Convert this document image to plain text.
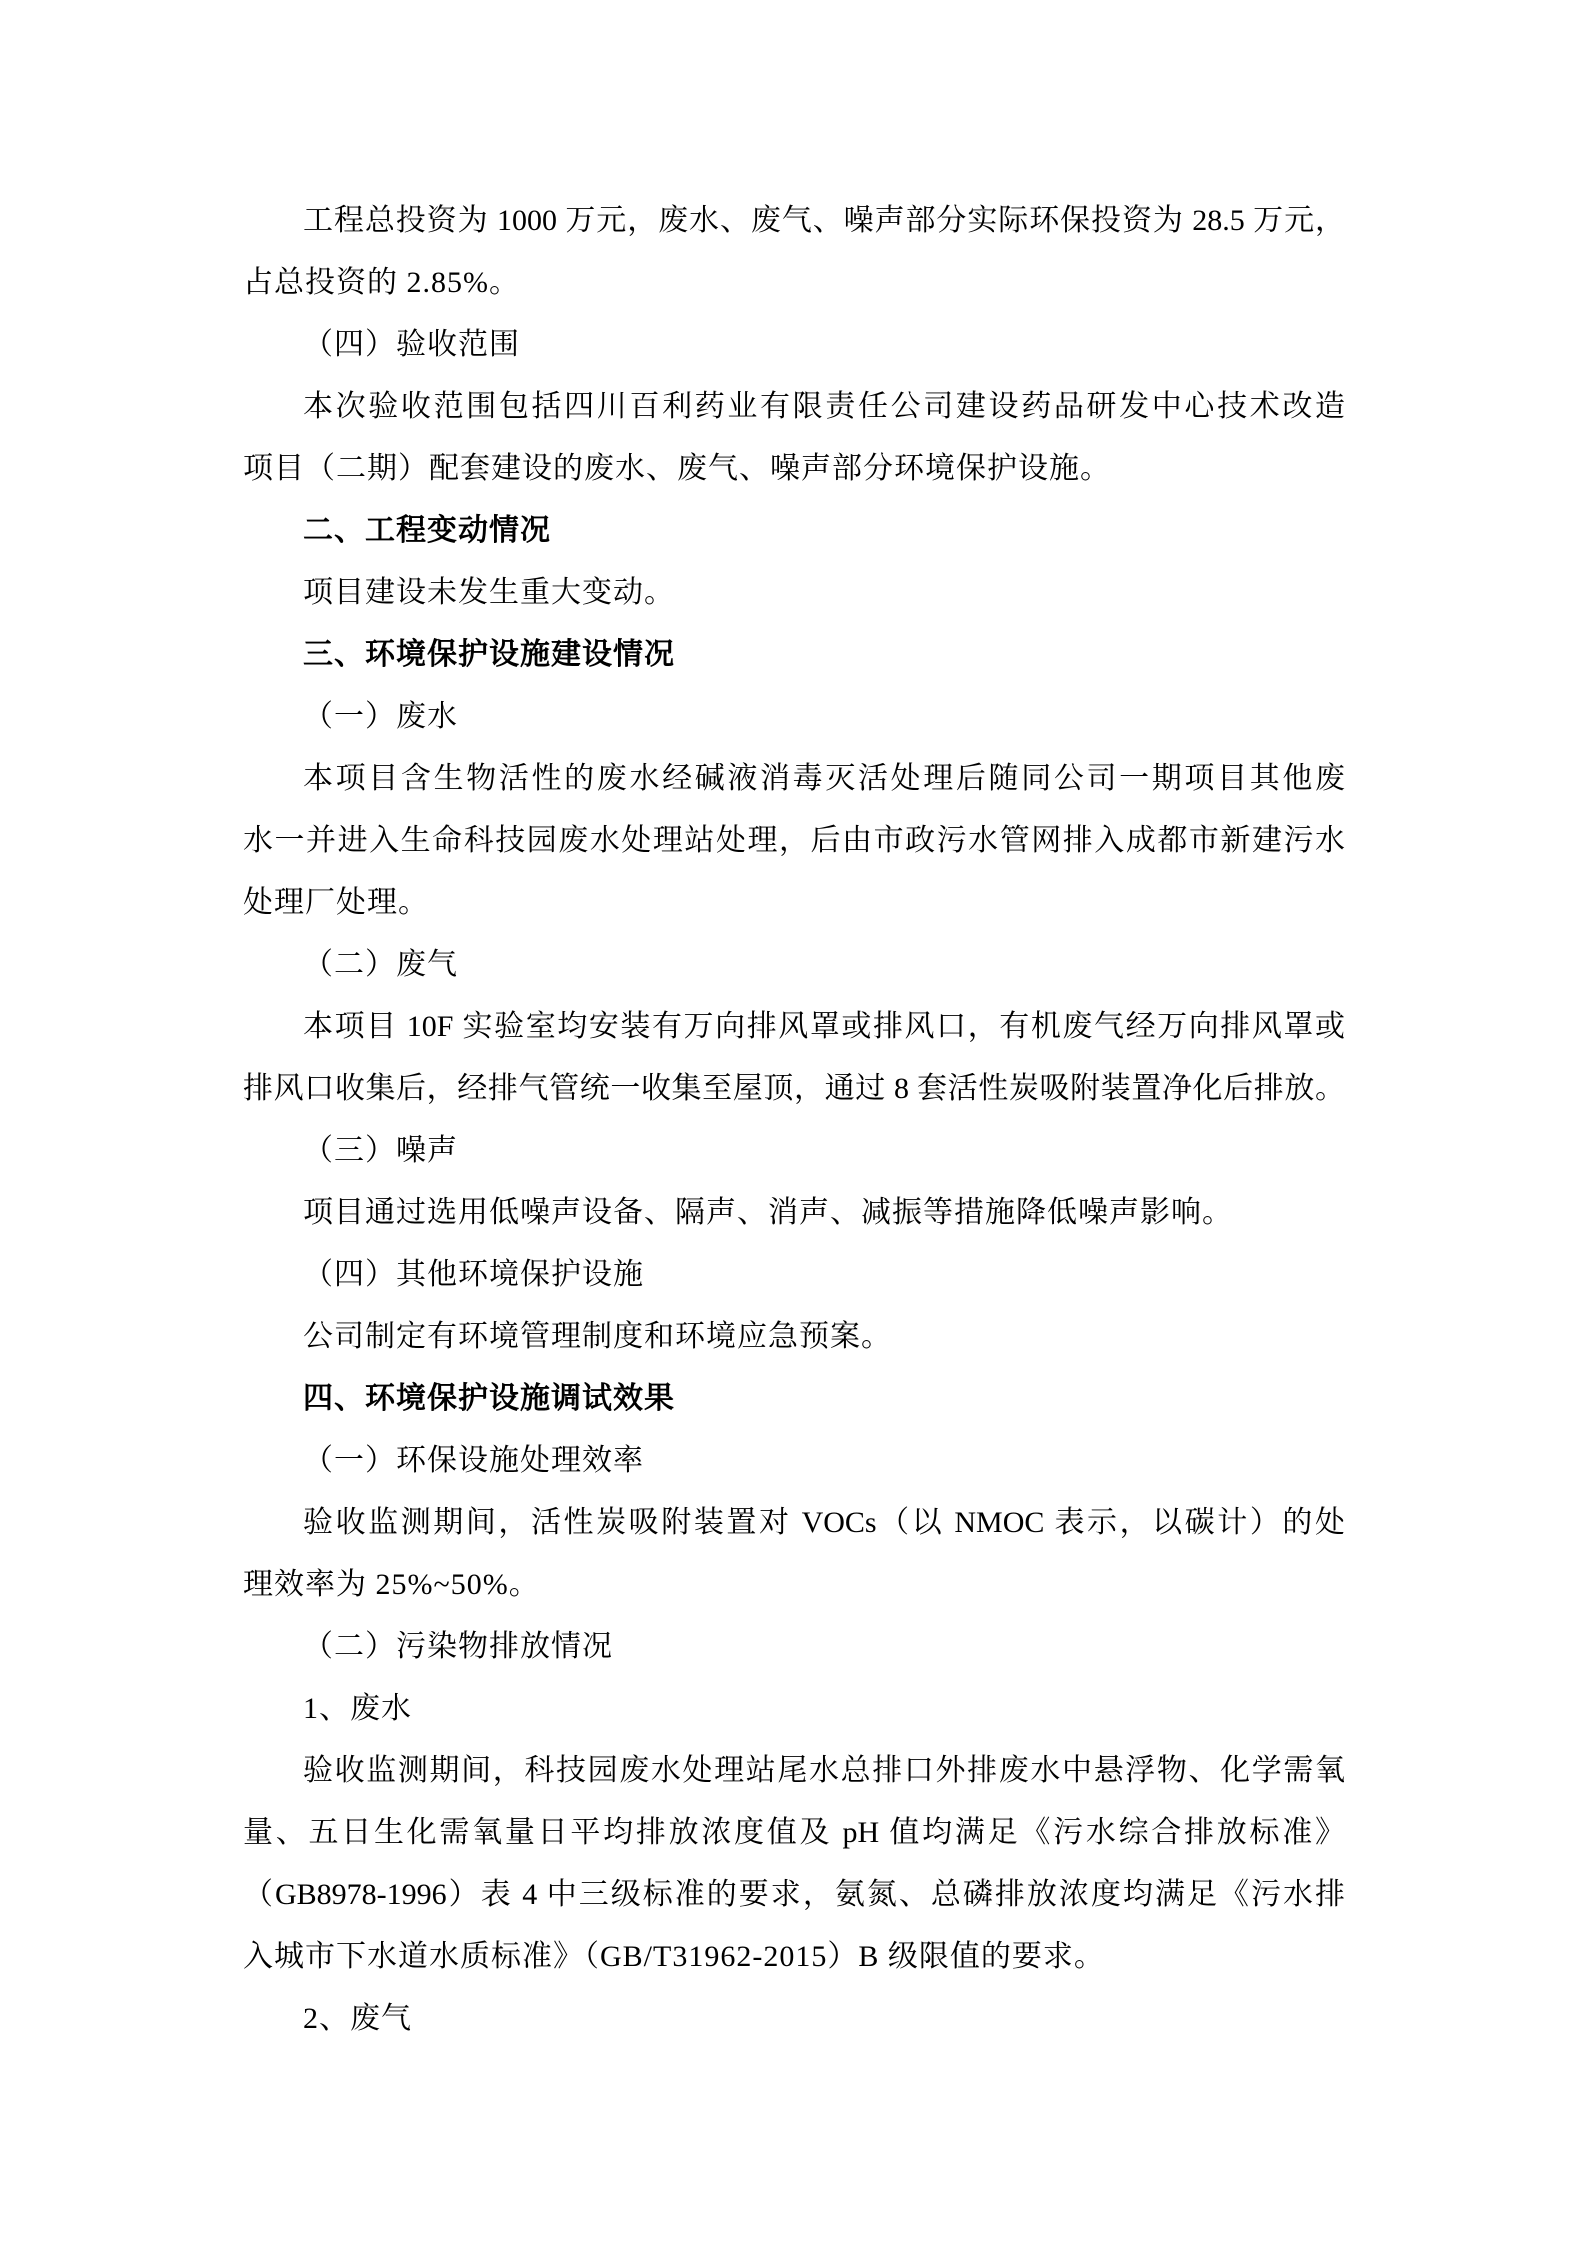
工程总投资为 1000 万元，废水、废气、噪声部分实际环保投资为 28.5 万元，
占总投资的 2.85%。
（四）验收范围
本次验收范围包括四川百利药业有限责任公司建设药品研发中心技术改造
项目（二期）配套建设的废水、废气、噪声部分环境保护设施。
二、工程变动情况
项目建设未发生重大变动。
三、环境保护设施建设情况
（一）废水
本项目含生物活性的废水经碱液消毒灭活处理后随同公司一期项目其他废
水一并进入生命科技园废水处理站处理，后由市政污水管网排入成都市新建污水
处理厂处理。
（二）废气
本项目 10F 实验室均安装有万向排风罩或排风口，有机废气经万向排风罩或
排风口收集后，经排气管统一收集至屋顶，通过 8 套活性炭吸附装置净化后排放。
（三）噪声
项目通过选用低噪声设备、隔声、消声、减振等措施降低噪声影响。
（四）其他环境保护设施
公司制定有环境管理制度和环境应急预案。
四、环境保护设施调试效果
（一）环保设施处理效率
验收监测期间，活性炭吸附装置对 VOCs（以 NMOC 表示，以碳计）的处
理效率为 25%~50%。
（二）污染物排放情况
1、废水
验收监测期间，科技园废水处理站尾水总排口外排废水中悬浮物、化学需氧
量、五日生化需氧量日平均排放浓度值及 pH 值均满足《污水综合排放标准》
（GB8978-1996）表 4 中三级标准的要求，氨氮、总磷排放浓度均满足《污水排
入城市下水道水质标准》（GB/T31962-2015）B 级限值的要求。
2、废气
